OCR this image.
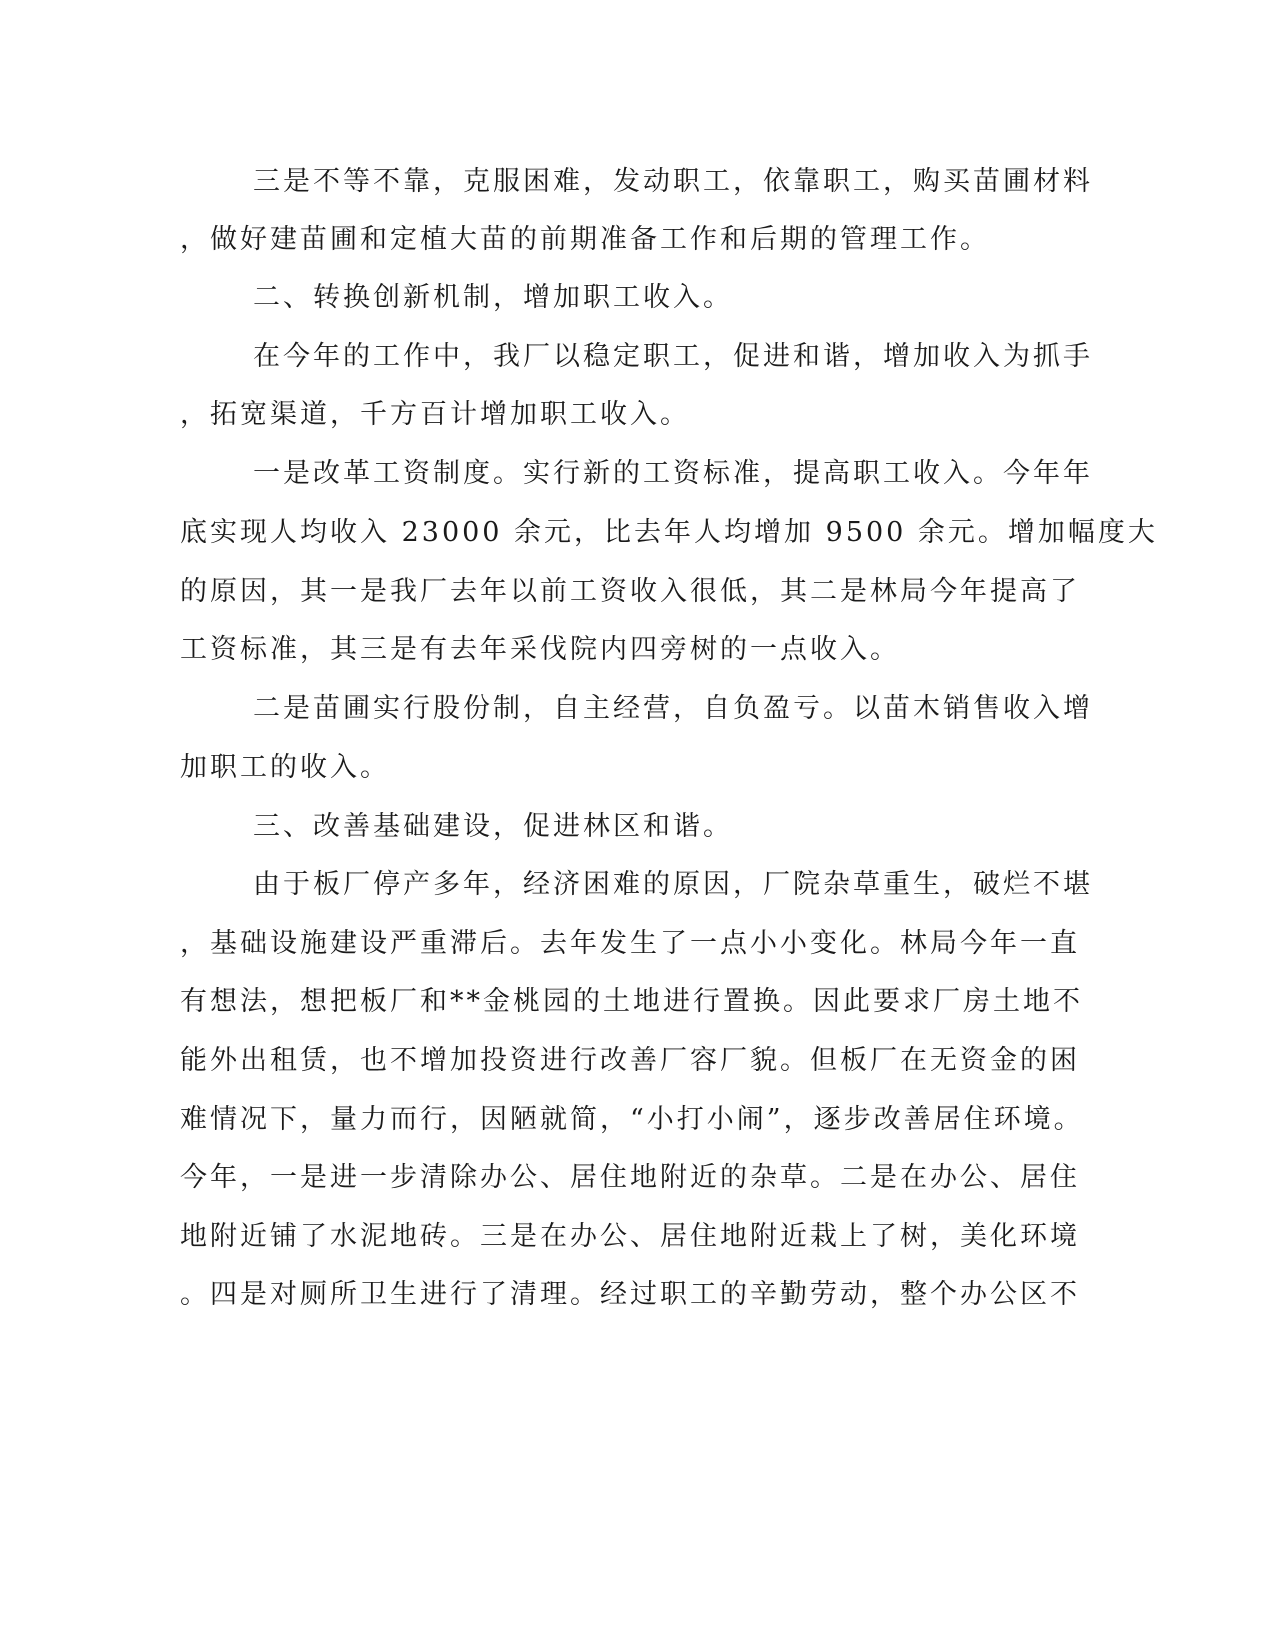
三是不等不靠，克服困难，发动职工，依靠职工，购买苗圃材料
，做好建苗圃和定植大苗的前期准备工作和后期的管理工作。
二、转换创新机制，增加职工收入。
在今年的工作中，我厂以稳定职工，促进和谐，增加收入为抓手
，拓宽渠道，千方百计增加职工收入。
一是改革工资制度。实行新的工资标准，提高职工收入。今年年
底实现人均收入 23000 余元，比去年人均增加 9500 余元。增加幅度大
的原因，其一是我厂去年以前工资收入很低，其二是林局今年提高了
工资标准，其三是有去年采伐院内四旁树的一点收入。
二是苗圃实行股份制，自主经营，自负盈亏。以苗木销售收入增
加职工的收入。
三、改善基础建设，促进林区和谐。
由于板厂停产多年，经济困难的原因，厂院杂草重生，破烂不堪
，基础设施建设严重滞后。去年发生了一点小小变化。林局今年一直
有想法，想把板厂和**金桃园的土地进行置换。因此要求厂房土地不
能外出租赁，也不增加投资进行改善厂容厂貌。但板厂在无资金的困
难情况下，量力而行，因陋就简，“小打小闹”，逐步改善居住环境。
今年，一是进一步清除办公、居住地附近的杂草。二是在办公、居住
地附近铺了水泥地砖。三是在办公、居住地附近栽上了树，美化环境
。四是对厕所卫生进行了清理。经过职工的辛勤劳动，整个办公区不
